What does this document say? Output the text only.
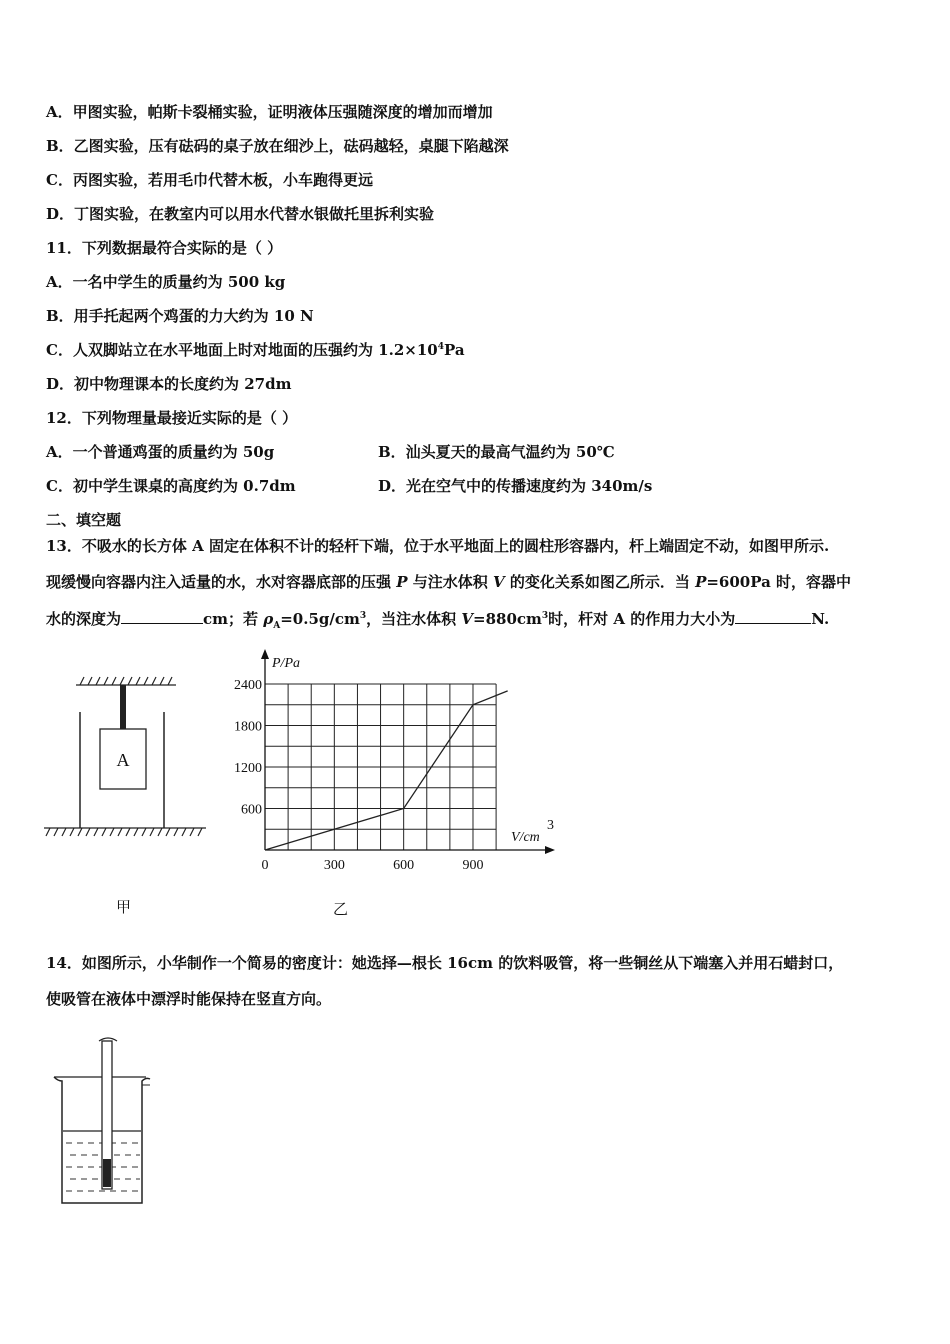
A．甲图实验，帕斯卡裂桶实验，证明液体压强随深度的增加而增加
B．乙图实验，压有砝码的桌子放在细沙上，砝码越轻，桌腿下陷越深
C．丙图实验，若用毛巾代替木板，小车跑得更远
D．丁图实验，在教室内可以用水代替水银做托里拆利实验
11．下列数据最符合实际的是（ ）
A．一名中学生的质量约为 500 kg
B．用手托起两个鸡蛋的力大约为 10 N
C．人双脚站立在水平地面上时对地面的压强约为 $1.2\times 10^4Pa$
D．初中物理课本的长度约为 27dm
12．下列物理量最接近实际的是（ ）
A．一个普通鸡蛋的质量约为 50g	B．汕头夏天的最高气温约为 50℃
C．初中学生课桌的高度约为 0.7dm	D．光在空气中的传播速度约为 340m/s
二、填空题
13．不吸水的长方体 A 固定在体积不计的轻杆下端，位于水平地面上的圆柱形容器内，杆上端固定不动，如图甲所示.
现缓慢向容器内注入适量的水，水对容器底部的压强 P 与注水体积 V 的变化关系如图乙所示．当 P=600Pa 时，容器中
水的深度为	cm；若 $\rho_A=0.5g/cm^3$，当注水体积 $V=880cm^3$时，杆对 A 的作用力大小为	N.
A
甲
P/Pa
V/cm
3
0	300	600	900
600
1200
1800
2400
乙
14．如图所示，小华制作一个简易的密度计：她选择—根长 16cm 的饮料吸管，将一些铜丝从下端塞入并用石蜡封口，
使吸管在液体中漂浮时能保持在竖直方向。
